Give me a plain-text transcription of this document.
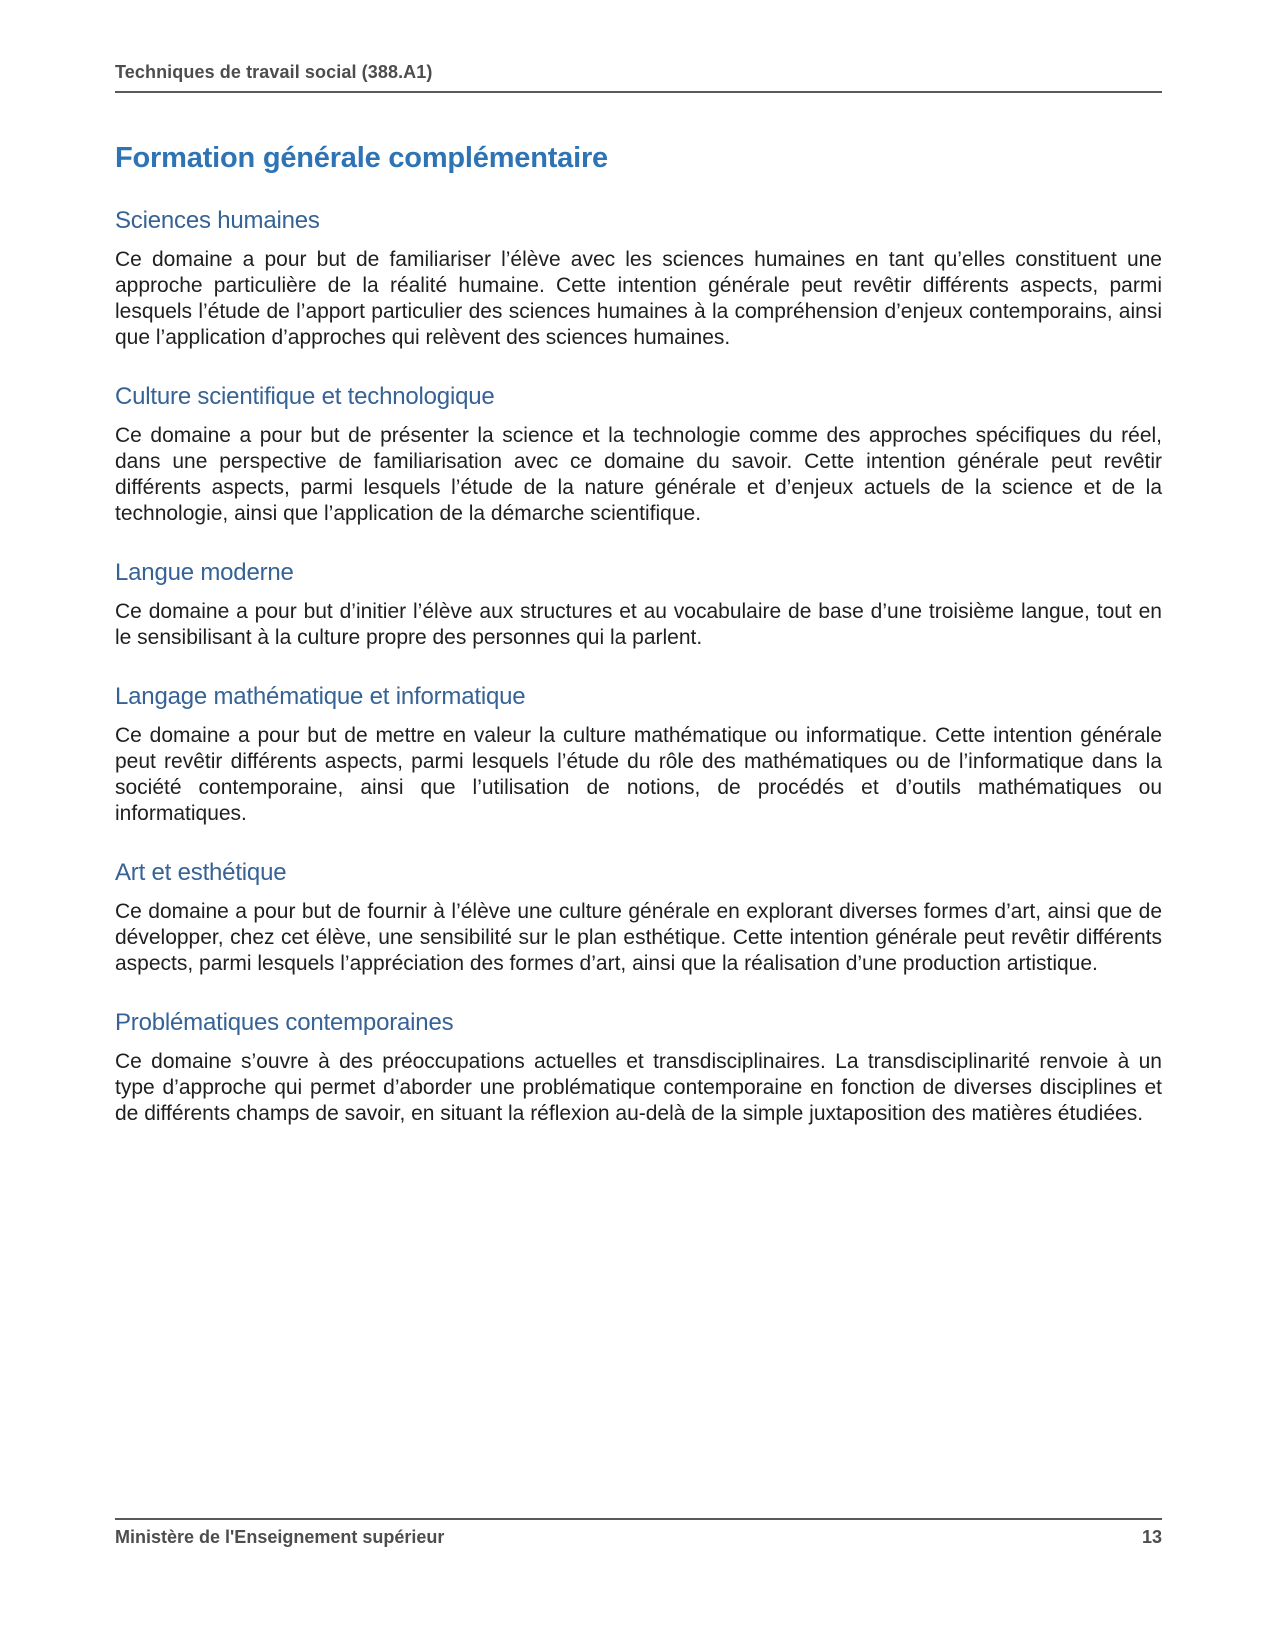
Techniques de travail social (388.A1)
Formation générale complémentaire
Sciences humaines

Ce domaine a pour but de familiariser l’élève avec les sciences humaines en tant qu’elles constituent une approche particulière de la réalité humaine. Cette intention générale peut revêtir différents aspects, parmi lesquels l’étude de l’apport particulier des sciences humaines à la compréhension d’enjeux contemporains, ainsi que l’application d’approches qui relèvent des sciences humaines.

Culture scientifique et technologique

Ce domaine a pour but de présenter la science et la technologie comme des approches spécifiques du réel, dans une perspective de familiarisation avec ce domaine du savoir. Cette intention générale peut revêtir différents aspects, parmi lesquels l’étude de la nature générale et d’enjeux actuels de la science et de la technologie, ainsi que l’application de la démarche scientifique.

Langue moderne

Ce domaine a pour but d’initier l’élève aux structures et au vocabulaire de base d’une troisième langue, tout en le sensibilisant à la culture propre des personnes qui la parlent.

Langage mathématique et informatique

Ce domaine a pour but de mettre en valeur la culture mathématique ou informatique. Cette intention générale peut revêtir différents aspects, parmi lesquels l’étude du rôle des mathématiques ou de l’informatique dans la société contemporaine, ainsi que l’utilisation de notions, de procédés et d’outils mathématiques ou informatiques.

Art et esthétique

Ce domaine a pour but de fournir à l’élève une culture générale en explorant diverses formes d’art, ainsi que de développer, chez cet élève, une sensibilité sur le plan esthétique. Cette intention générale peut revêtir différents aspects, parmi lesquels l’appréciation des formes d’art, ainsi que la réalisation d’une production artistique.

Problématiques contemporaines

Ce domaine s’ouvre à des préoccupations actuelles et transdisciplinaires. La transdisciplinarité renvoie à un type d’approche qui permet d’aborder une problématique contemporaine en fonction de diverses disciplines et de différents champs de savoir, en situant la réflexion au-delà de la simple juxtaposition des matières étudiées.

Ministère de l'Enseignement supérieur	13
